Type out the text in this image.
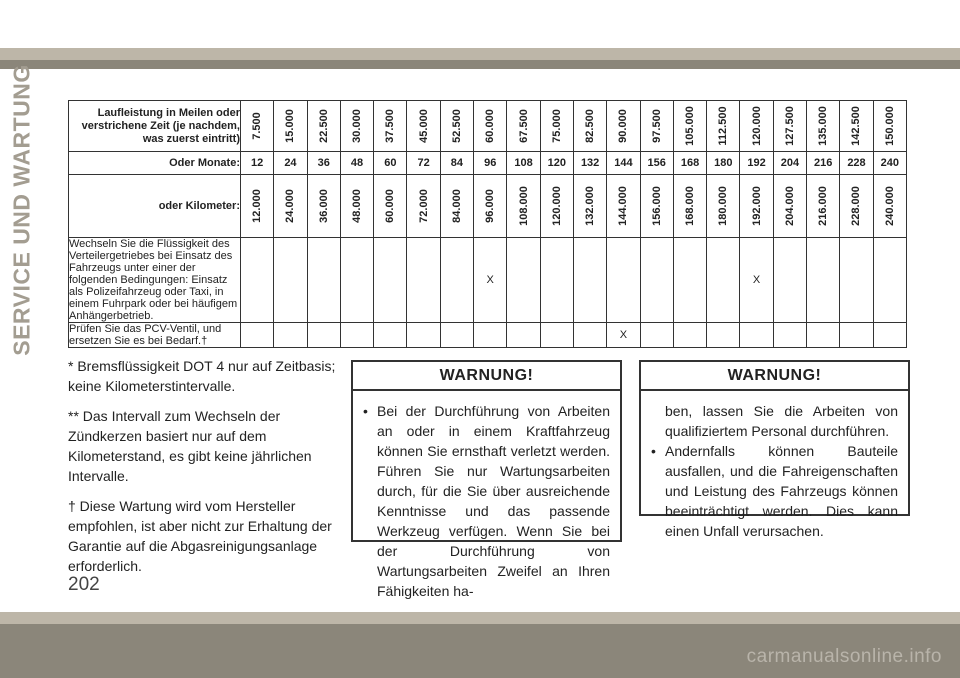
SERVICE UND WARTUNG	Laufleistung in Meilen oder verstrichene Zeit (je nachdem, was zuerst eintritt)	7.500	15.000	22.500	30.000	37.500	45.000	52.500	60.000	67.500	75.000	82.500	90.000	97.500	105.000	112.500	120.000	127.500	135.000	142.500	150.000

Oder Monate:	12	24	36	48	60	72	84	96	108	120	132	144	156	168	180	192	204	216	228	240
oder Kilometer:	12.000	24.000	36.000	48.000	60.000	72.000	84.000	96.000	108.000	120.000	132.000	144.000	156.000	168.000	180.000	192.000	204.000	216.000	228.000	240.000

Wechseln Sie die Flüssigkeit des Verteilergetriebes bei Einsatz des Fahrzeugs unter einer der folgenden Bedingungen: Einsatz als Polizeifahrzeug oder Taxi, in einem Fuhrpark oder bei häufigem Anhängerbetrieb.								X								X				
Prüfen Sie das PCV-Ventil, und ersetzen Sie es bei Bedarf.†												X								

* Bremsflüssigkeit DOT 4 nur auf Zeitbasis; keine Kilometerstintervalle.

** Das Intervall zum Wechseln der Zündkerzen basiert nur auf dem Kilometerstand, es gibt keine jährlichen Intervalle.

† Diese Wartung wird vom Hersteller empfohlen, ist aber nicht zur Erhaltung der Garantie auf die Abgasreinigungsanlage erforderlich.

WARNUNG!
• Bei der Durchführung von Arbeiten an oder in einem Kraftfahrzeug können Sie ernsthaft verletzt werden. Führen Sie nur Wartungsarbeiten durch, für die Sie über ausreichende Kenntnisse und das passende Werkzeug verfügen. Wenn Sie bei der Durchführung von Wartungsarbeiten Zweifel an Ihren Fähigkeiten ha-
WARNUNG!
ben, lassen Sie die Arbeiten von qualifiziertem Personal durchführen.
• Andernfalls können Bauteile ausfallen, und die Fahreigenschaften und Leistung des Fahrzeugs können beeinträchtigt werden. Dies kann einen Unfall verursachen.
202
carmanualsonline.info
